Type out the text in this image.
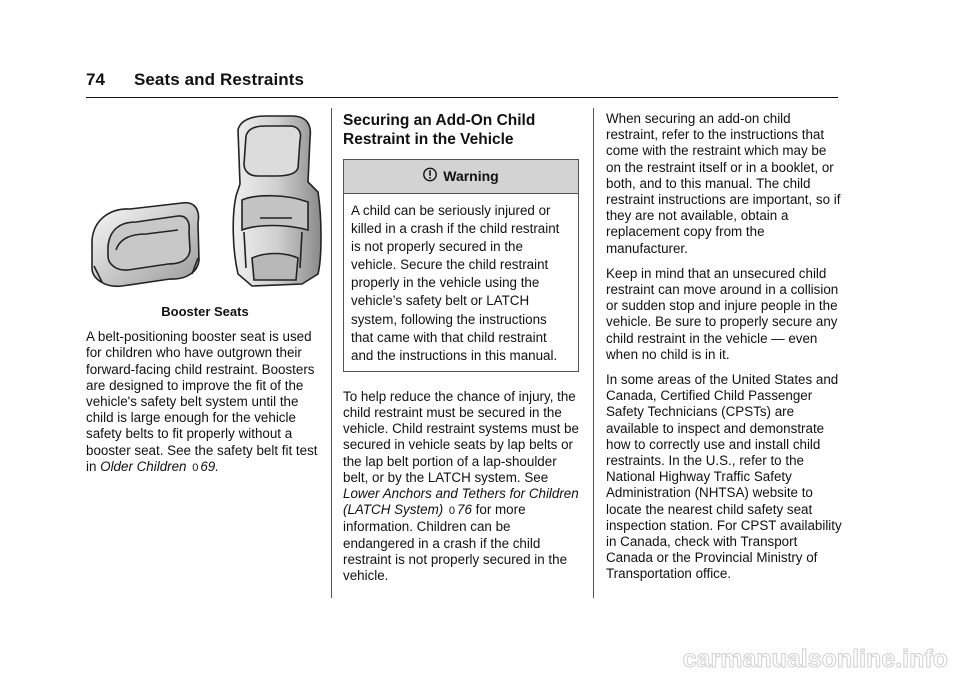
74 Seats and Restraints

Booster Seats

A belt-positioning booster seat is used for children who have outgrown their forward-facing child restraint. Boosters are designed to improve the fit of the vehicle's safety belt system until the child is large enough for the vehicle safety belts to fit properly without a booster seat. See the safety belt fit test in Older Children 0 69.

Securing an Add-On Child Restraint in the Vehicle
Warning
A child can be seriously injured or killed in a crash if the child restraint is not properly secured in the vehicle. Secure the child restraint properly in the vehicle using the vehicle’s safety belt or LATCH system, following the instructions that came with that child restraint and the instructions in this manual.

To help reduce the chance of injury, the child restraint must be secured in the vehicle. Child restraint systems must be secured in vehicle seats by lap belts or the lap belt portion of a lap-shoulder belt, or by the LATCH system. See Lower Anchors and Tethers for Children (LATCH System) 0 76 for more information. Children can be endangered in a crash if the child restraint is not properly secured in the vehicle.

When securing an add-on child restraint, refer to the instructions that come with the restraint which may be on the restraint itself or in a booklet, or both, and to this manual. The child restraint instructions are important, so if they are not available, obtain a replacement copy from the manufacturer.

Keep in mind that an unsecured child restraint can move around in a collision or sudden stop and injure people in the vehicle. Be sure to properly secure any child restraint in the vehicle — even when no child is in it.

In some areas of the United States and Canada, Certified Child Passenger Safety Technicians (CPSTs) are available to inspect and demonstrate how to correctly use and install child restraints. In the U.S., refer to the National Highway Traffic Safety Administration (NHTSA) website to locate the nearest child safety seat inspection station. For CPST availability in Canada, check with Transport Canada or the Provincial Ministry of Transportation office.

carmanualsonline.info
